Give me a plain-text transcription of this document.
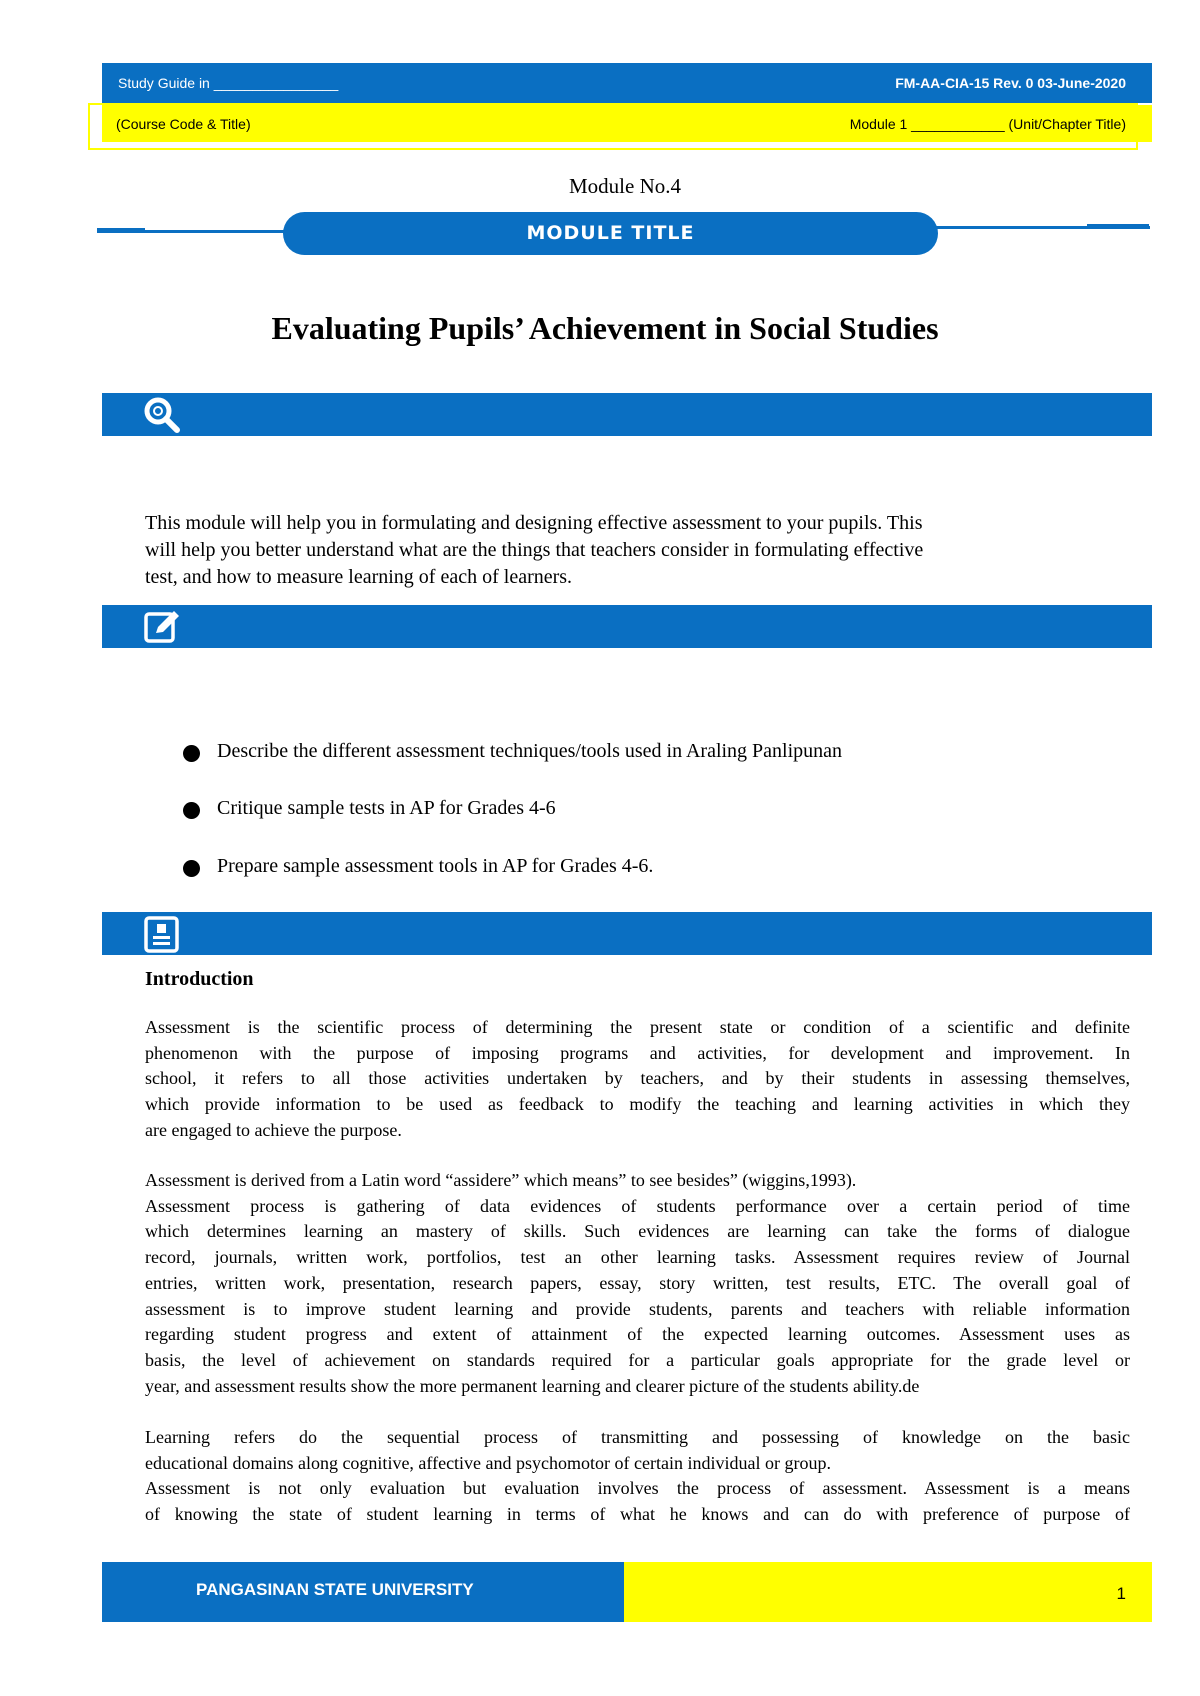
Study Guide in ________________	FM-AA-CIA-15 Rev. 0 03-June-2020
(Course Code & Title)	Module 1 ____________ (Unit/Chapter Title)
Module No.4
MODULE TITLE
Evaluating Pupils’ Achievement in Social Studies
This module will help you in formulating and designing effective assessment to your pupils. This
will help you better understand what are the things that teachers consider in formulating effective
test, and how to measure learning of each of learners.
Describe the different assessment techniques/tools used in Araling Panlipunan
Critique sample tests in AP for Grades 4-6
Prepare sample assessment tools in AP for Grades 4-6.
Introduction
Assessment is the scientific process of determining the present state or condition of a scientific and definite
phenomenon with the purpose of imposing programs and activities, for development and improvement. In
school, it refers to all those activities undertaken by teachers, and by their students in assessing themselves,
which provide information to be used as feedback to modify the teaching and learning activities in which they
are engaged to achieve the purpose.
Assessment is derived from a Latin word “assidere” which means” to see besides” (wiggins,1993).
Assessment process is gathering of data evidences of students performance over a certain period of time
which determines learning an mastery of skills. Such evidences are learning can take the forms of dialogue
record, journals, written work, portfolios, test an other learning tasks. Assessment requires review of Journal
entries, written work, presentation, research papers, essay, story written, test results, ETC. The overall goal of
assessment is to improve student learning and provide students, parents and teachers with reliable information
regarding student progress and extent of attainment of the expected learning outcomes. Assessment uses as
basis, the level of achievement on standards required for a particular goals appropriate for the grade level or
year, and assessment results show the more permanent learning and clearer picture of the students ability.de
Learning refers do the sequential process of transmitting and possessing of knowledge on the basic
educational domains along cognitive, affective and psychomotor of certain individual or group.
Assessment is not only evaluation but evaluation involves the process of assessment. Assessment is a means
of knowing the state of student learning in terms of what he knows and can do with preference of purpose of
PANGASINAN STATE UNIVERSITY	1
